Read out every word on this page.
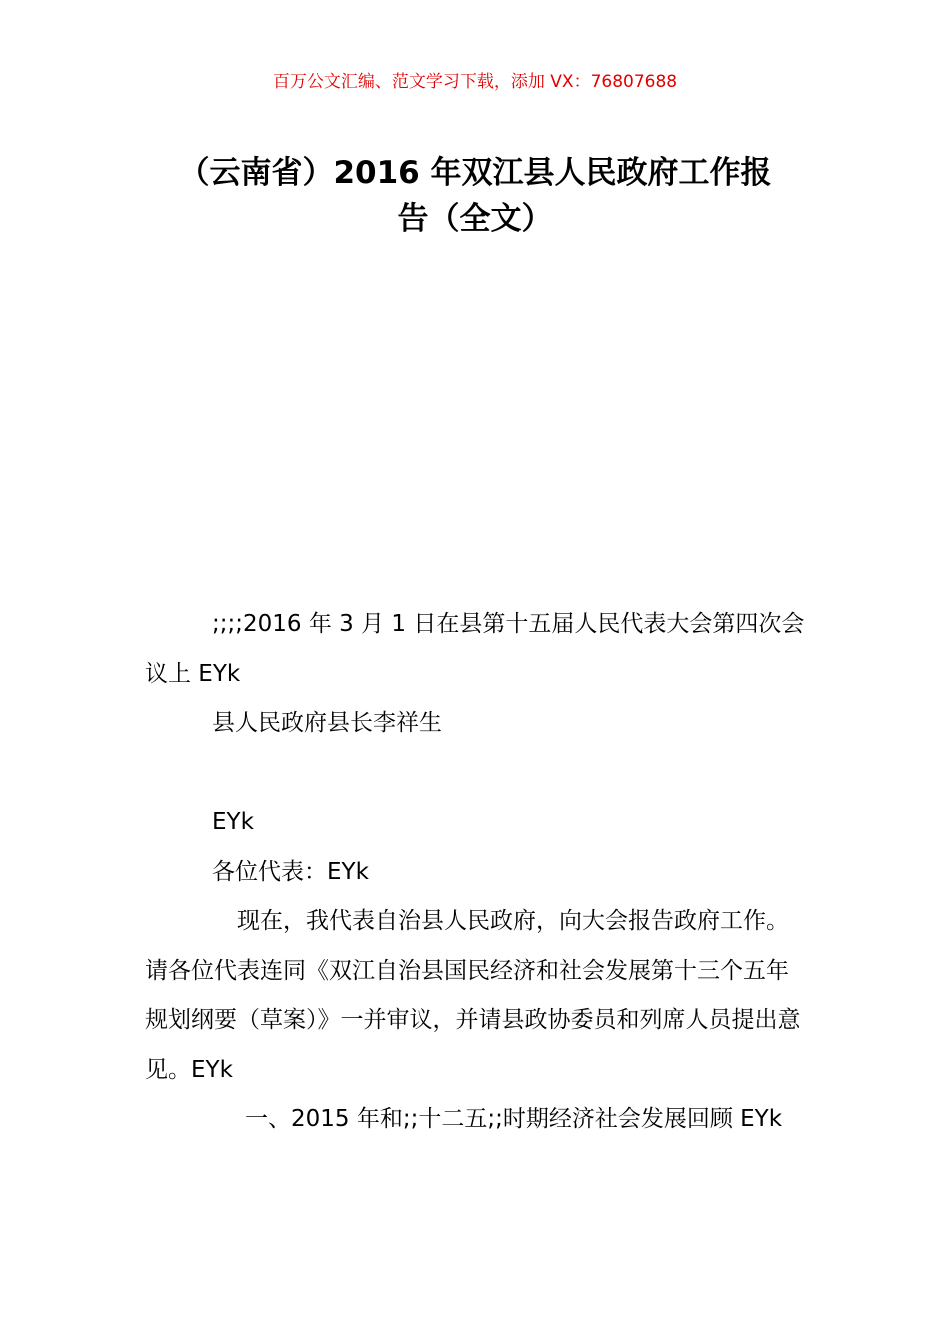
百万公文汇编、范文学习下载，添加 VX：76807688
（云南省）2016 年双江县人民政府工作报
告（全文）

;;;;2016 年 3 月 1 日在县第十五届人民代表大会第四次会议上 EYk

县人民政府县长李祥生

EYk

各位代表：EYk

现在，我代表自治县人民政府，向大会报告政府工作。请各位代表连同《双江自治县国民经济和社会发展第十三个五年规划纲要（草案）》一并审议，并请县政协委员和列席人员提出意见。EYk

一、2015 年和;;十二五;;时期经济社会发展回顾 EYk
